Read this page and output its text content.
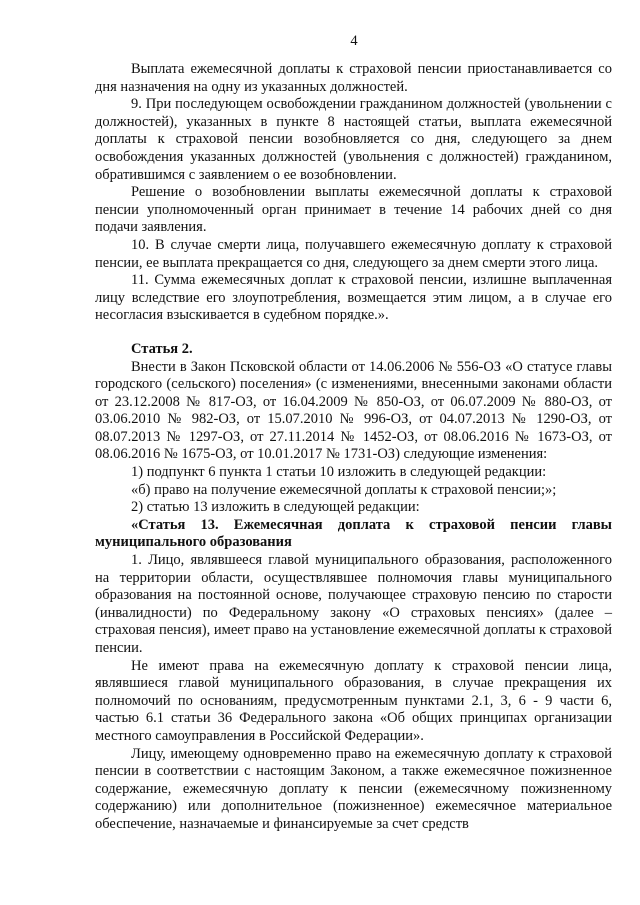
4

Выплата ежемесячной доплаты к страховой пенсии приостанавливается со дня назначения на одну из указанных должностей.

9. При последующем освобождении гражданином должностей (увольнении с должностей), указанных в пункте 8 настоящей статьи, выплата ежемесячной доплаты к страховой пенсии возобновляется со дня, следующего за днем освобождения указанных должностей (увольнения с должностей) гражданином, обратившимся с заявлением о ее возобновлении.

Решение о возобновлении выплаты ежемесячной доплаты к страховой пенсии уполномоченный орган принимает в течение 14 рабочих дней со дня подачи заявления.

10. В случае смерти лица, получавшего ежемесячную доплату к страховой пенсии, ее выплата прекращается со дня, следующего за днем смерти этого лица.

11. Сумма ежемесячных доплат к страховой пенсии, излишне выплаченная лицу вследствие его злоупотребления, возмещается этим лицом, а в случае его несогласия взыскивается в судебном порядке.».

Статья 2.

Внести в Закон Псковской области от 14.06.2006 № 556-ОЗ «О статусе главы городского (сельского) поселения» (с изменениями, внесенными законами области от 23.12.2008 № 817-ОЗ, от 16.04.2009 № 850-ОЗ, от 06.07.2009 № 880-ОЗ, от 03.06.2010 № 982-ОЗ, от 15.07.2010 № 996-ОЗ, от 04.07.2013 № 1290-ОЗ, от 08.07.2013 № 1297-ОЗ, от 27.11.2014 № 1452-ОЗ, от 08.06.2016 № 1673-ОЗ, от 08.06.2016 № 1675-ОЗ, от 10.01.2017 № 1731-ОЗ) следующие изменения:

1) подпункт 6 пункта 1 статьи 10 изложить в следующей редакции:

«б) право на получение ежемесячной доплаты к страховой пенсии;»;

2) статью 13 изложить в следующей редакции:

«Статья 13. Ежемесячная доплата к страховой пенсии главы муниципального образования

1. Лицо, являвшееся главой муниципального образования, расположенного на территории области, осуществлявшее полномочия главы муниципального образования на постоянной основе, получающее страховую пенсию по старости (инвалидности) по Федеральному закону «О страховых пенсиях» (далее – страховая пенсия), имеет право на установление ежемесячной доплаты к страховой пенсии.

Не имеют права на ежемесячную доплату к страховой пенсии лица, являвшиеся главой муниципального образования, в случае прекращения их полномочий по основаниям, предусмотренным пунктами 2.1, 3, 6 - 9 части 6, частью 6.1 статьи 36 Федерального закона «Об общих принципах организации местного самоуправления в Российской Федерации».

Лицу, имеющему одновременно право на ежемесячную доплату к страховой пенсии в соответствии с настоящим Законом, а также ежемесячное пожизненное содержание, ежемесячную доплату к пенсии (ежемесячному пожизненному содержанию) или дополнительное (пожизненное) ежемесячное материальное обеспечение, назначаемые и финансируемые за счет средств
